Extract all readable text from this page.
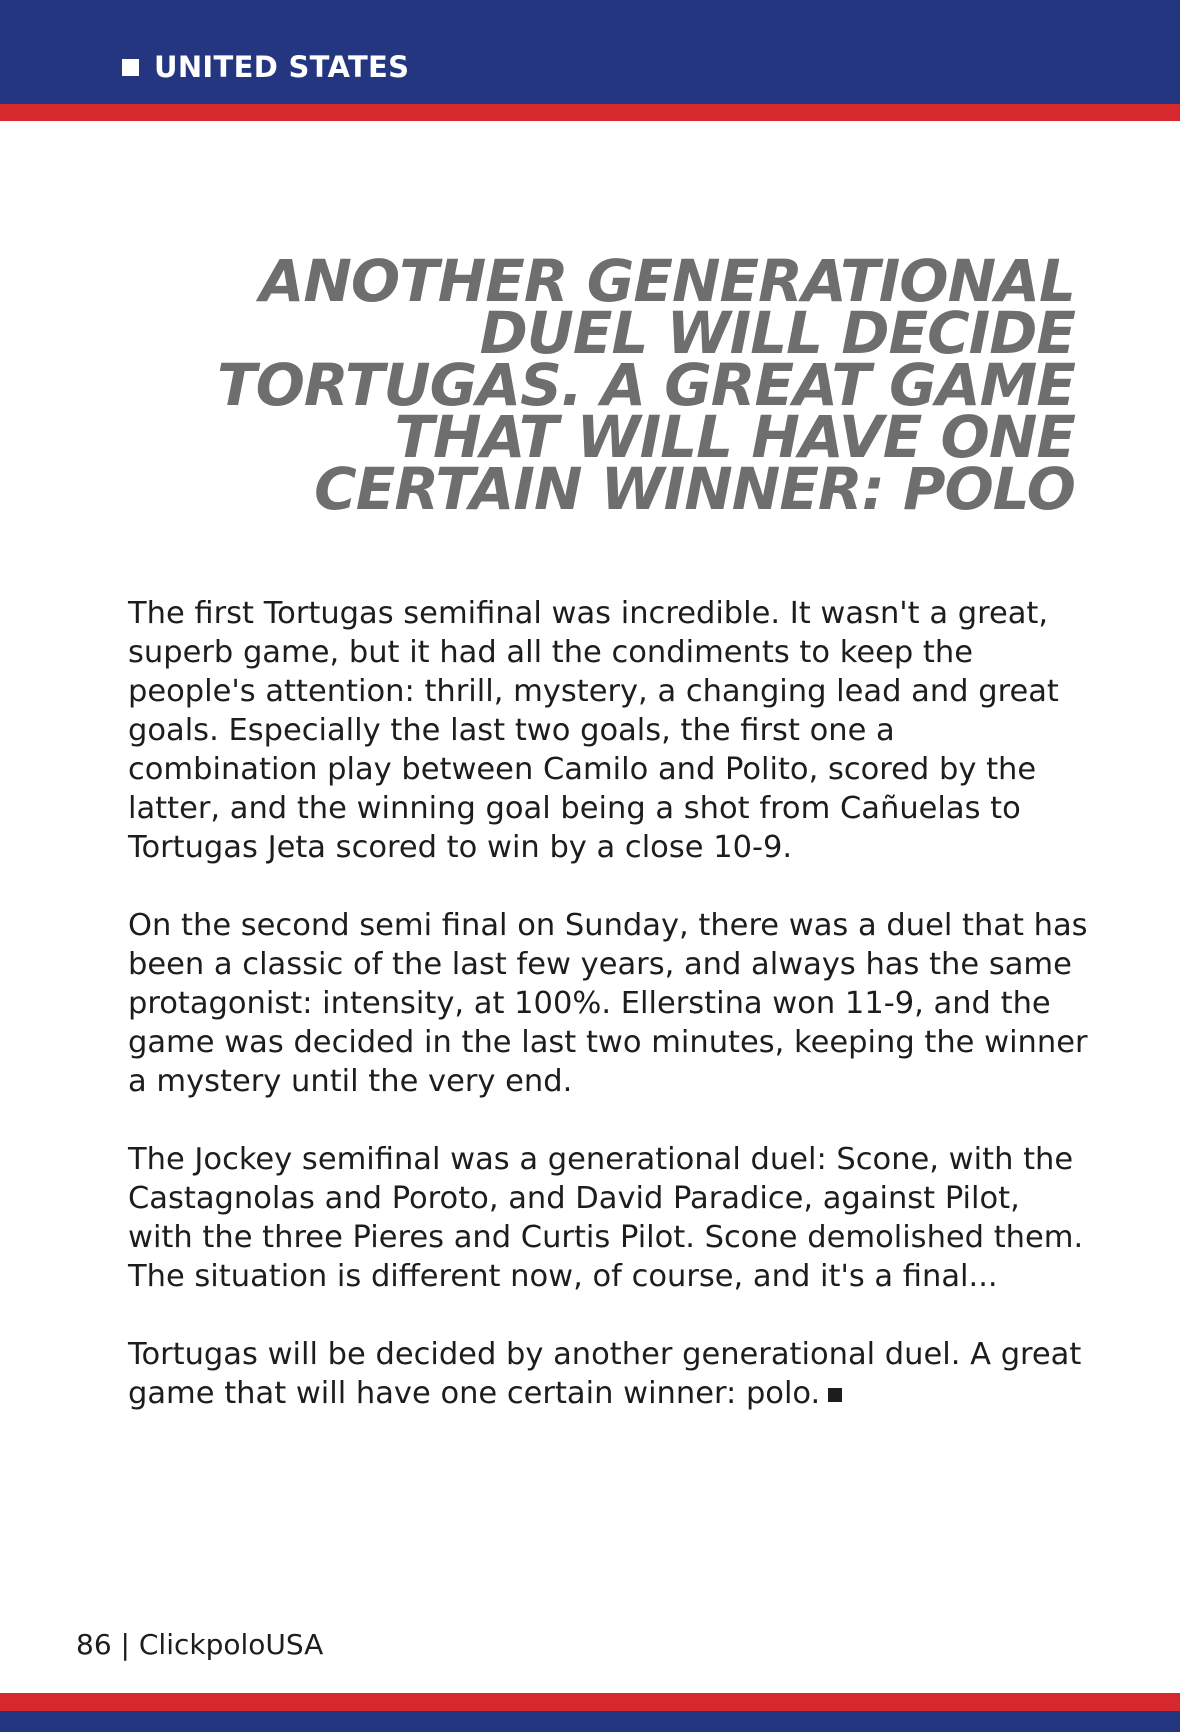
UNITED STATES
ANOTHER GENERATIONAL DUEL WILL DECIDE TORTUGAS. A GREAT GAME THAT WILL HAVE ONE CERTAIN WINNER: POLO

The first Tortugas semifinal was incredible. It wasn't a great, superb game, but it had all the condiments to keep the people's attention: thrill, mystery, a changing lead and great goals. Especially the last two goals, the first one a combination play between Camilo and Polito, scored by the latter, and the winning goal being a shot from Cañuelas to Tortugas Jeta scored to win by a close 10-9.

On the second semi final on Sunday, there was a duel that has been a classic of the last few years, and always has the same protagonist: intensity, at 100%. Ellerstina won 11-9, and the game was decided in the last two minutes, keeping the winner a mystery until the very end.

The Jockey semifinal was a generational duel: Scone, with the Castagnolas and Poroto, and David Paradice, against Pilot, with the three Pieres and Curtis Pilot. Scone demolished them. The situation is different now, of course, and it's a final...

Tortugas will be decided by another generational duel. A great game that will have one certain winner: polo.

86 | ClickpoloUSA
